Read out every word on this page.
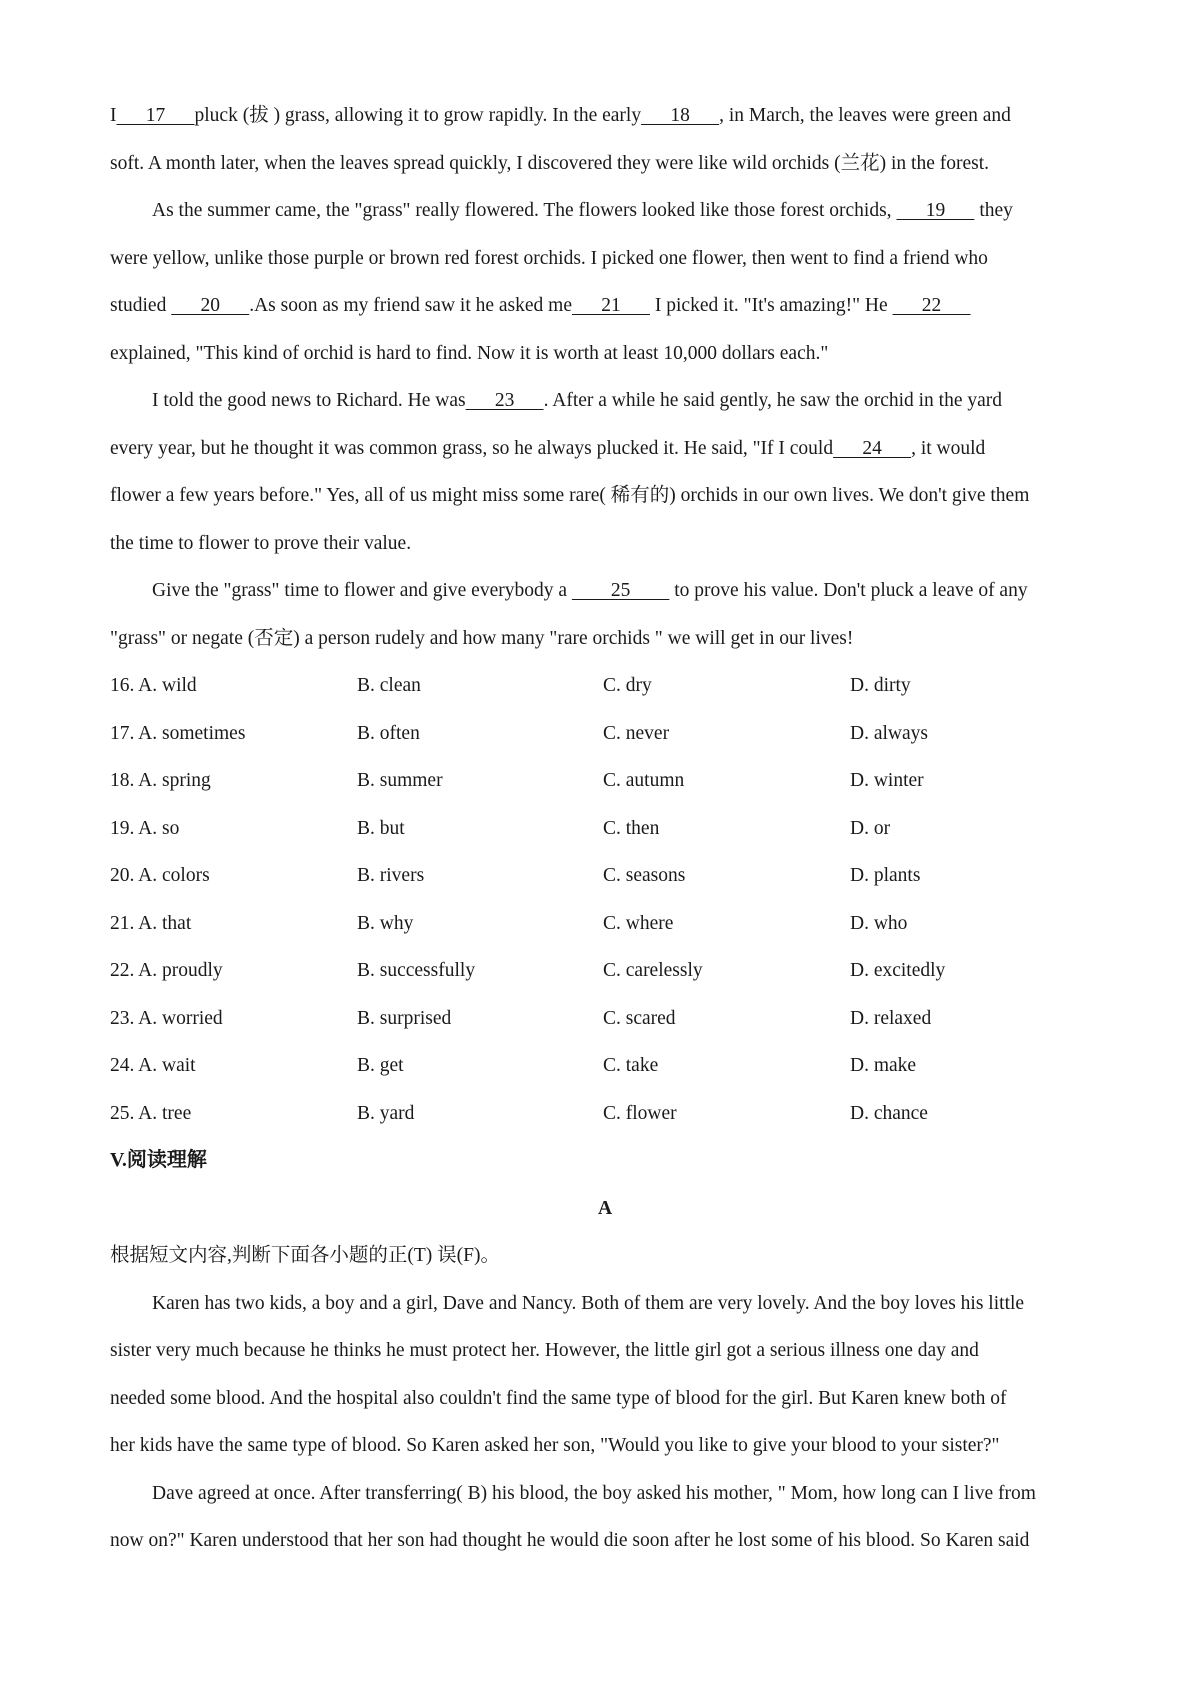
I      17      pluck (拔 ) grass, allowing it to grow rapidly. In the early      18      , in March, the leaves were green and
soft. A month later, when the leaves spread quickly, I discovered they were like wild orchids (兰花) in the forest.
As the summer came, the "grass" really flowered. The flowers looked like those forest orchids,       19       they
were yellow, unlike those purple or brown red forest orchids. I picked one flower, then went to find a friend who
studied       20      .As soon as my friend saw it he asked me      21       I picked it. "It's amazing!" He       22
explained, "This kind of orchid is hard to find. Now it is worth at least 10,000 dollars each."
I told the good news to Richard. He was      23      . After a while he said gently, he saw the orchid in the yard
every year, but he thought it was common grass, so he always plucked it. He said, "If I could      24      , it would
flower a few years before." Yes, all of us might miss some rare( 稀有的) orchids in our own lives. We don't give them
the time to flower to prove their value.
Give the "grass" time to flower and give everybody a         25         to prove his value. Don't pluck a leave of any
"grass" or negate (否定) a person rudely and how many "rare orchids " we will get in our lives!
16. A. wild	B. clean	C. dry	D. dirty
17. A. sometimes	B. often	C. never	D. always
18. A. spring	B. summer	C. autumn	D. winter
19. A. so	B. but	C. then	D. or
20. A. colors	B. rivers	C. seasons	D. plants
21. A. that	B. why	C. where	D. who
22. A. proudly	B. successfully	C. carelessly	D. excitedly
23. A. worried	B. surprised	C. scared	D. relaxed
24. A. wait	B. get	C. take	D. make
25. A. tree	B. yard	C. flower	D. chance
V.阅读理解
A
根据短文内容,判断下面各小题的正(T) 误(F)。
Karen has two kids, a boy and a girl, Dave and Nancy. Both of them are very lovely. And the boy loves his little
sister very much because he thinks he must protect her. However, the little girl got a serious illness one day and
needed some blood. And the hospital also couldn't find the same type of blood for the girl. But Karen knew both of
her kids have the same type of blood. So Karen asked her son, "Would you like to give your blood to your sister?"
Dave agreed at once. After transferring( B) his blood, the boy asked his mother, " Mom, how long can I live from
now on?" Karen understood that her son had thought he would die soon after he lost some of his blood. So Karen said
